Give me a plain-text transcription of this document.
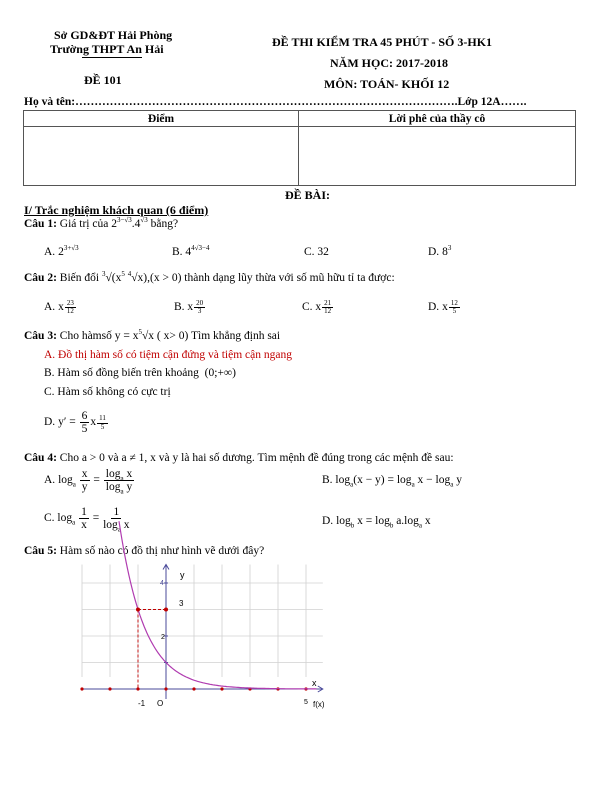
Sở GD&ĐT Hải Phòng
Trường THPT An Hải
ĐỀ 101
ĐỀ THI KIỂM TRA 45 PHÚT - SỐ 3-HK1
NĂM HỌC: 2017-2018
MÔN: TOÁN- KHỐI 12
Họ và tên:……………………………………………………………………………………….Lớp 12A…….
Điểm	Lời phê của thầy cô

ĐỀ BÀI:
I/ Trắc nghiệm khách quan (6 điểm)
Câu 1: Giá trị của $2^{3-√3}.4^{√3}$ bằng?
A. $2^{3+√3}$	B. $4^{4√3-4}$	C. 32	D. $8^3$
Câu 2: Biến đổi $^3√(x^5$ $^4$√x),(x > 0) thành dạng lũy thừa với số mũ hữu tỉ ta được:
A. x $\frac{23}{12}$	B. x $\frac{20}{3}$	C. x $\frac{21}{12}$	D. x $\frac{12}{5}$
Câu 3: Cho hàmsố $y = x^5√x$ ( x> 0) Tìm khẳng định sai
A. Đồ thị hàm số có tiệm cận đứng và tiệm cận ngang
B. Hàm số đồng biến trên khoảng (0;+∞)
C. Hàm số không có cực trị
D. $y' = \frac{6}{5}$ x $\frac{11}{5}$
Câu 4: Cho a > 0 và a ≠ 1, x và y là hai số dương. Tìm mệnh đề đúng trong các mệnh đề sau:
A. $\log_a \frac{x}{y} = \frac{\log_a x}{\log_a y}$	B. $\log_a(x - y) = \log_a x - \log_a y$
C. $\log_a \frac{1}{x} = \frac{1}{\log_a x}$	D. $\log_b x = \log_b a.\log_a$ x
Câu 5: Hàm số nào có đồ thị như hình vẽ dưới đây?
y
x
f(x)
4
3
2
-1 O	5
